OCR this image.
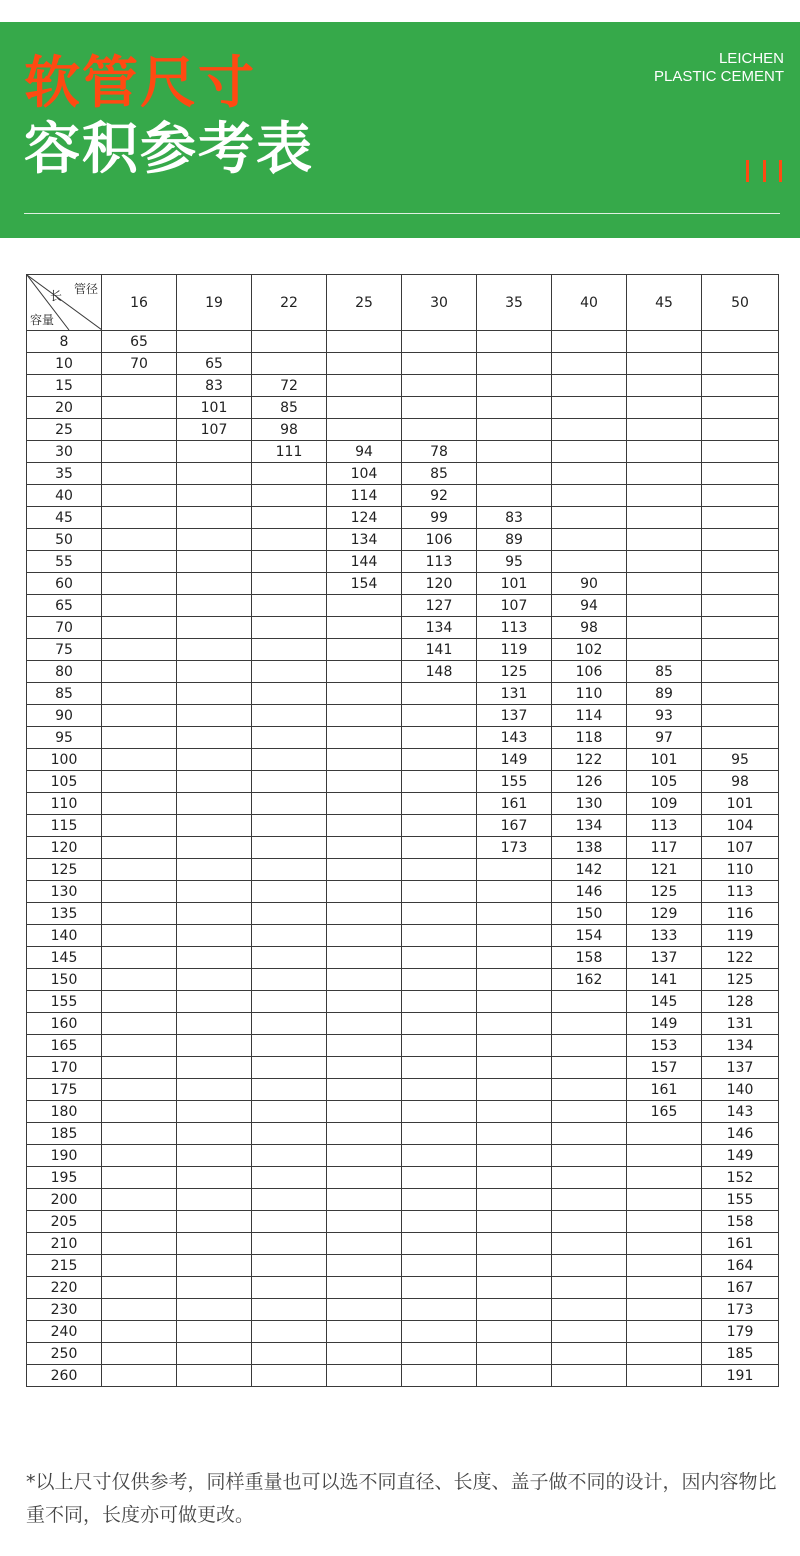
软管尺寸
容积参考表
LEICHEN
PLASTIC CEMENT
管径
长
容量	16	19	22	25	30	35	40	45	50
8	65								
10	70	65							
15		83	72						
20		101	85						
25		107	98						
30			111	94	78				
35				104	85				
40				114	92				
45				124	99	83			
50				134	106	89			
55				144	113	95			
60				154	120	101	90		
65					127	107	94		
70					134	113	98		
75					141	119	102		
80					148	125	106	85	
85						131	110	89	
90						137	114	93	
95						143	118	97	
100						149	122	101	95
105						155	126	105	98
110						161	130	109	101
115						167	134	113	104
120						173	138	117	107
125							142	121	110
130							146	125	113
135							150	129	116
140							154	133	119
145							158	137	122
150							162	141	125
155								145	128
160								149	131
165								153	134
170								157	137
175								161	140
180								165	143
185									146
190									149
195									152
200									155
205									158
210									161
215									164
220									167
230									173
240									179
250									185
260									191

*以上尺寸仅供参考，同样重量也可以选不同直径、长度、盖子做不同的设计，因内容物比重不同，长度亦可做更改。
